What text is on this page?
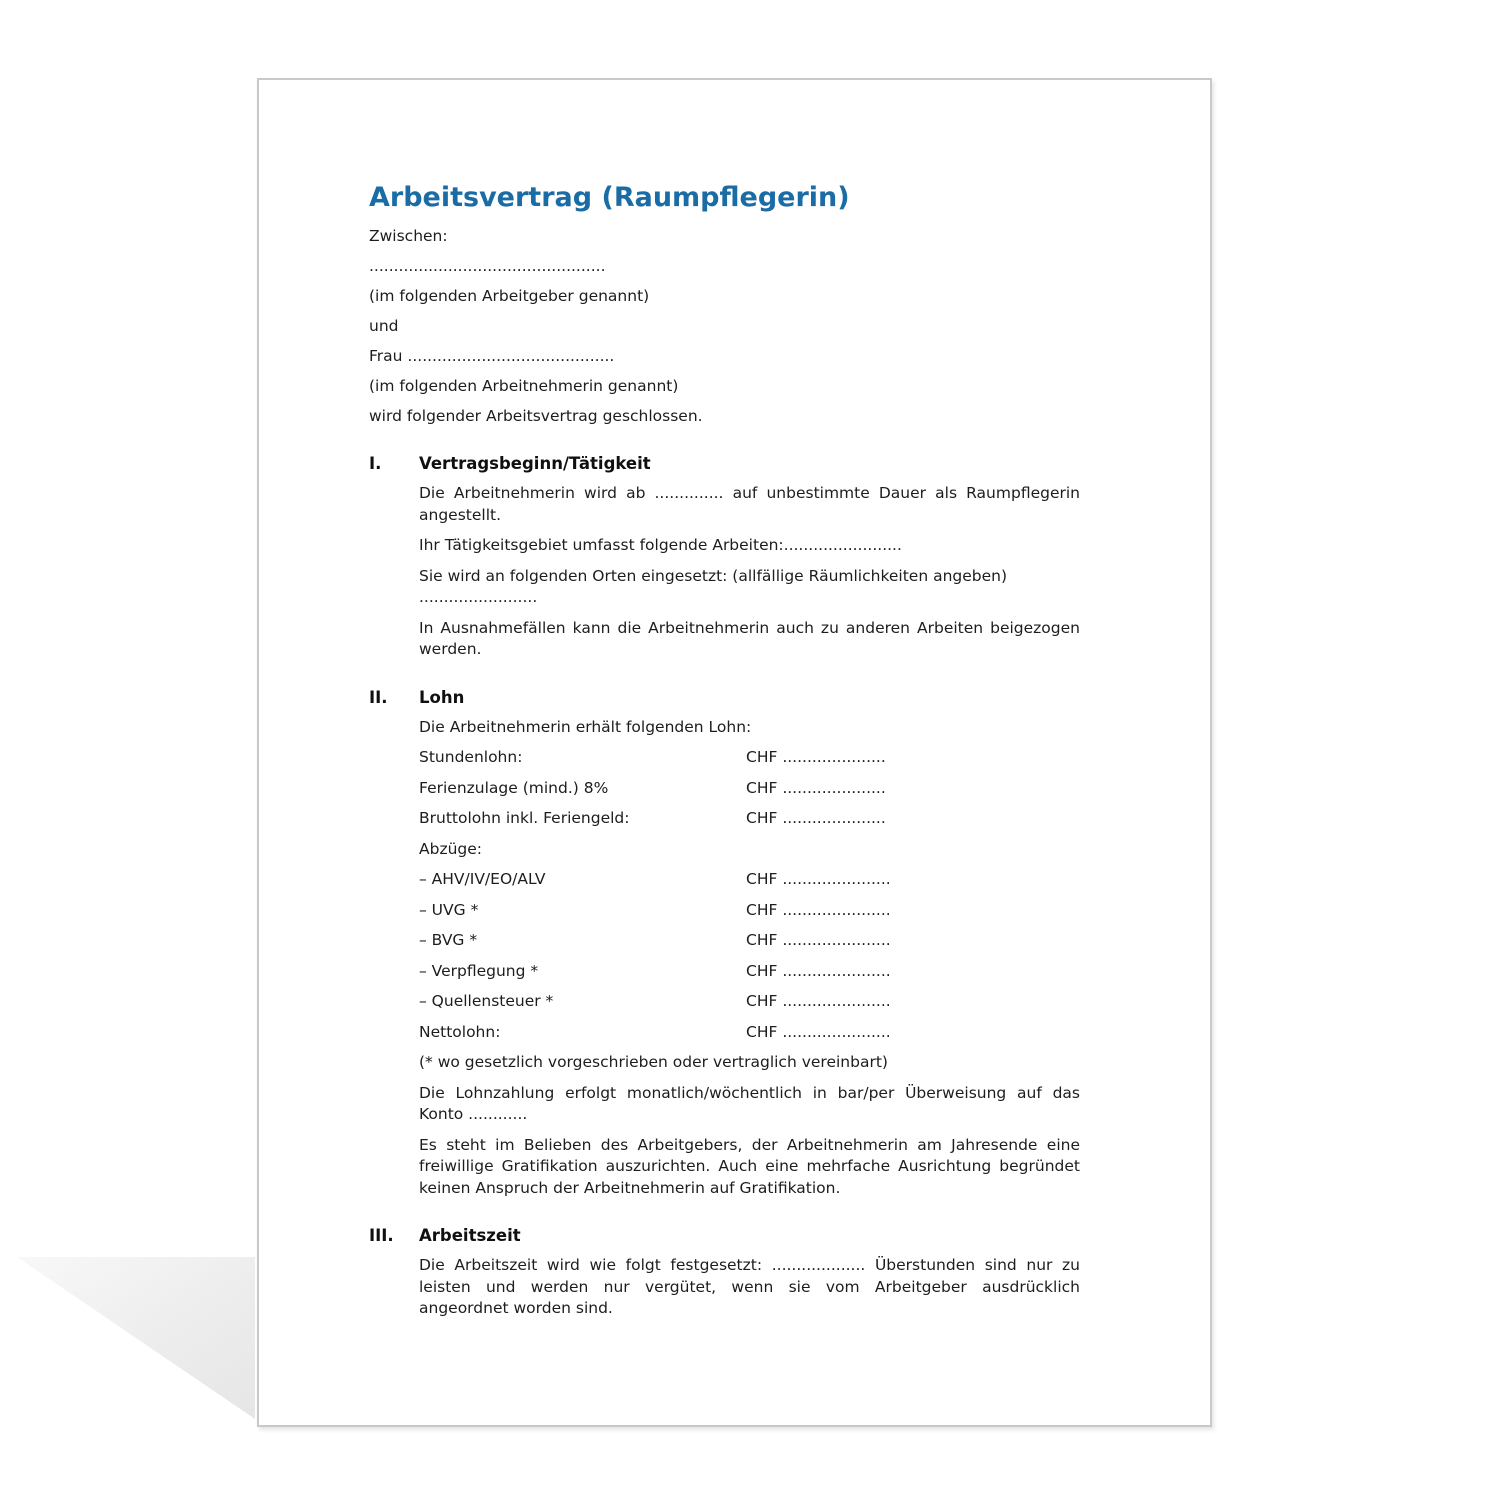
Arbeitsvertrag (Raumpflegerin)

Zwischen:

................................................

(im folgenden Arbeitgeber genannt)

und

Frau ..........................................

(im folgenden Arbeitnehmerin genannt)

wird folgender Arbeitsvertrag geschlossen.

I.	Vertragsbeginn/Tätigkeit

Die Arbeitnehmerin wird ab .............. auf unbestimmte Dauer als Raumpflegerin angestellt.

Ihr Tätigkeitsgebiet umfasst folgende Arbeiten:........................

Sie wird an folgenden Orten eingesetzt: (allfällige Räumlichkeiten angeben)
........................

In Ausnahmefällen kann die Arbeitnehmerin auch zu anderen Arbeiten beigezogen werden.

II.	Lohn

Die Arbeitnehmerin erhält folgenden Lohn:

Stundenlohn:	CHF .....................
Ferienzulage (mind.) 8%	CHF .....................
Bruttolohn inkl. Feriengeld:	CHF .....................
Abzüge:
– AHV/IV/EO/ALV	CHF ......................
– UVG *	CHF ......................
– BVG *	CHF ......................
– Verpflegung *	CHF ......................
– Quellensteuer *	CHF ......................
Nettolohn:	CHF ......................

(* wo gesetzlich vorgeschrieben oder vertraglich vereinbart)

Die Lohnzahlung erfolgt monatlich/wöchentlich in bar/per Überweisung auf das Konto ............

Es steht im Belieben des Arbeitgebers, der Arbeitnehmerin am Jahresende eine freiwillige Gratifikation auszurichten. Auch eine mehrfache Ausrichtung begründet keinen Anspruch der Arbeitnehmerin auf Gratifikation.

III.	Arbeitszeit

Die Arbeitszeit wird wie folgt festgesetzt: ................... Überstunden sind nur zu leisten und werden nur vergütet, wenn sie vom Arbeitgeber ausdrücklich angeordnet worden sind.
